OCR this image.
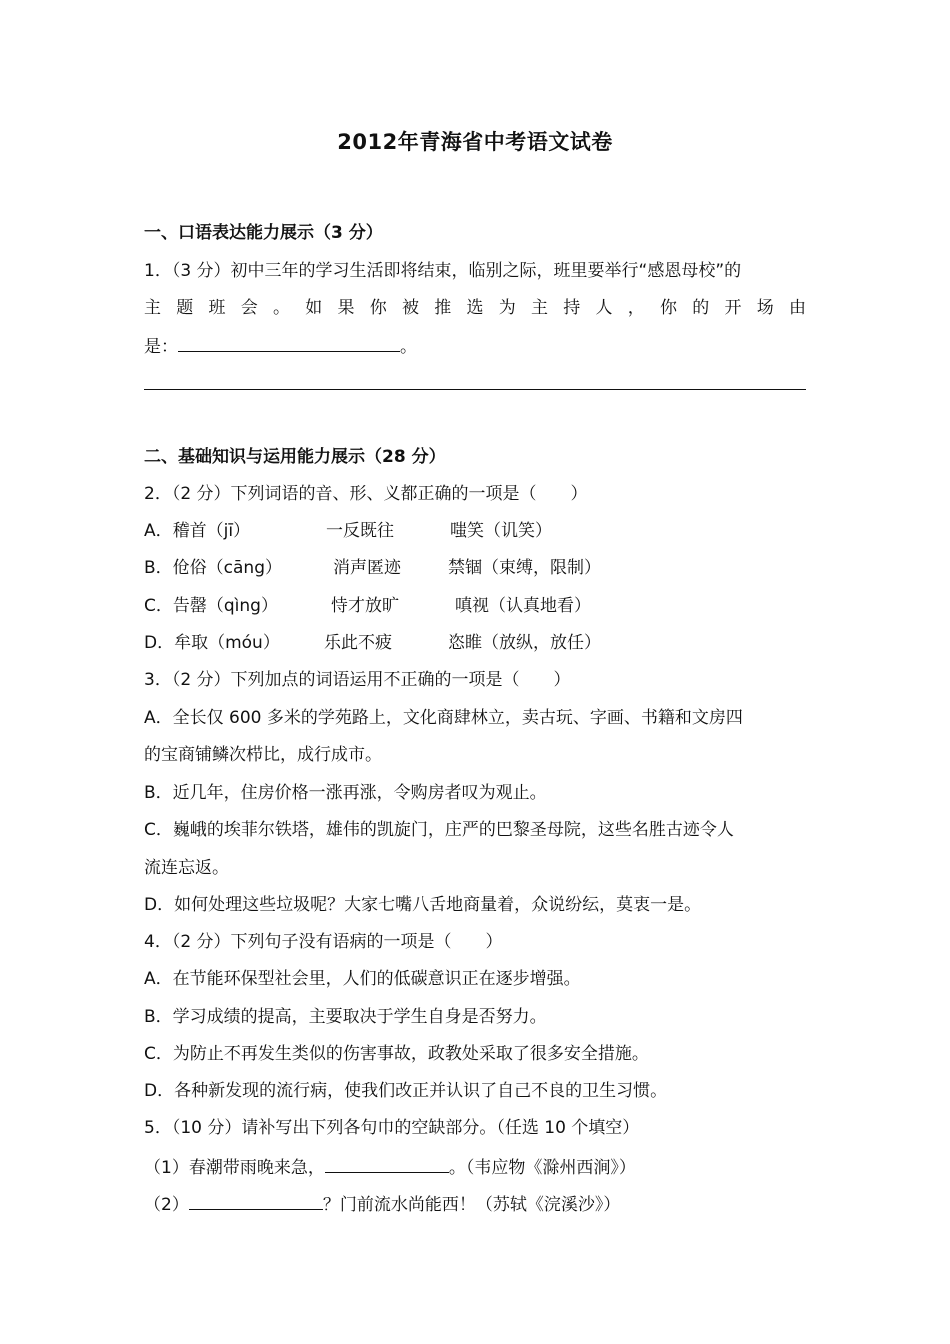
2012年青海省中考语文试卷
一、口语表达能力展示（3 分）
1．（3 分）初中三年的学习生活即将结束，临别之际，班里要举行“感恩母校”的
主 题 班 会 。 如 果 你 被 推 选 为 主 持 人 ， 你 的 开 场 由
是：	。
二、基础知识与运用能力展示（28 分）
2．（2 分）下列词语的音、形、义都正确的一项是（　　）
A．稽首（jī）	一反既往	嗤笑（讥笑）
B．伧俗（cāng）	消声匿迹	禁锢（束缚，限制）
C．告罄（qìng）	恃才放旷	嗔视（认真地看）
D．牟取（móu）	乐此不疲	恣睢（放纵，放任）
3．（2 分）下列加点的词语运用不正确的一项是（　　）
A．全长仅 600 多米的学苑路上，文化商肆林立，卖古玩、字画、书籍和文房四
的宝商铺鳞次栉比，成行成市。
B．近几年，住房价格一涨再涨，令购房者叹为观止。
C．巍峨的埃菲尔铁塔，雄伟的凯旋门，庄严的巴黎圣母院，这些名胜古迹令人
流连忘返。
D．如何处理这些垃圾呢？大家七嘴八舌地商量着，众说纷纭，莫衷一是。
4．（2 分）下列句子没有语病的一项是（　　）
A．在节能环保型社会里，人们的低碳意识正在逐步增强。
B．学习成绩的提高，主要取决于学生自身是否努力。
C．为防止不再发生类似的伤害事故，政教处采取了很多安全措施。
D．各种新发现的流行病，使我们改正并认识了自己不良的卫生习惯。
5．（10 分）请补写出下列各句巾的空缺部分。（任选 10 个填空）
（1）春潮带雨晚来急，	。（韦应物《滁州西涧》）
（2）	？门前流水尚能西！（苏轼《浣溪沙》）
